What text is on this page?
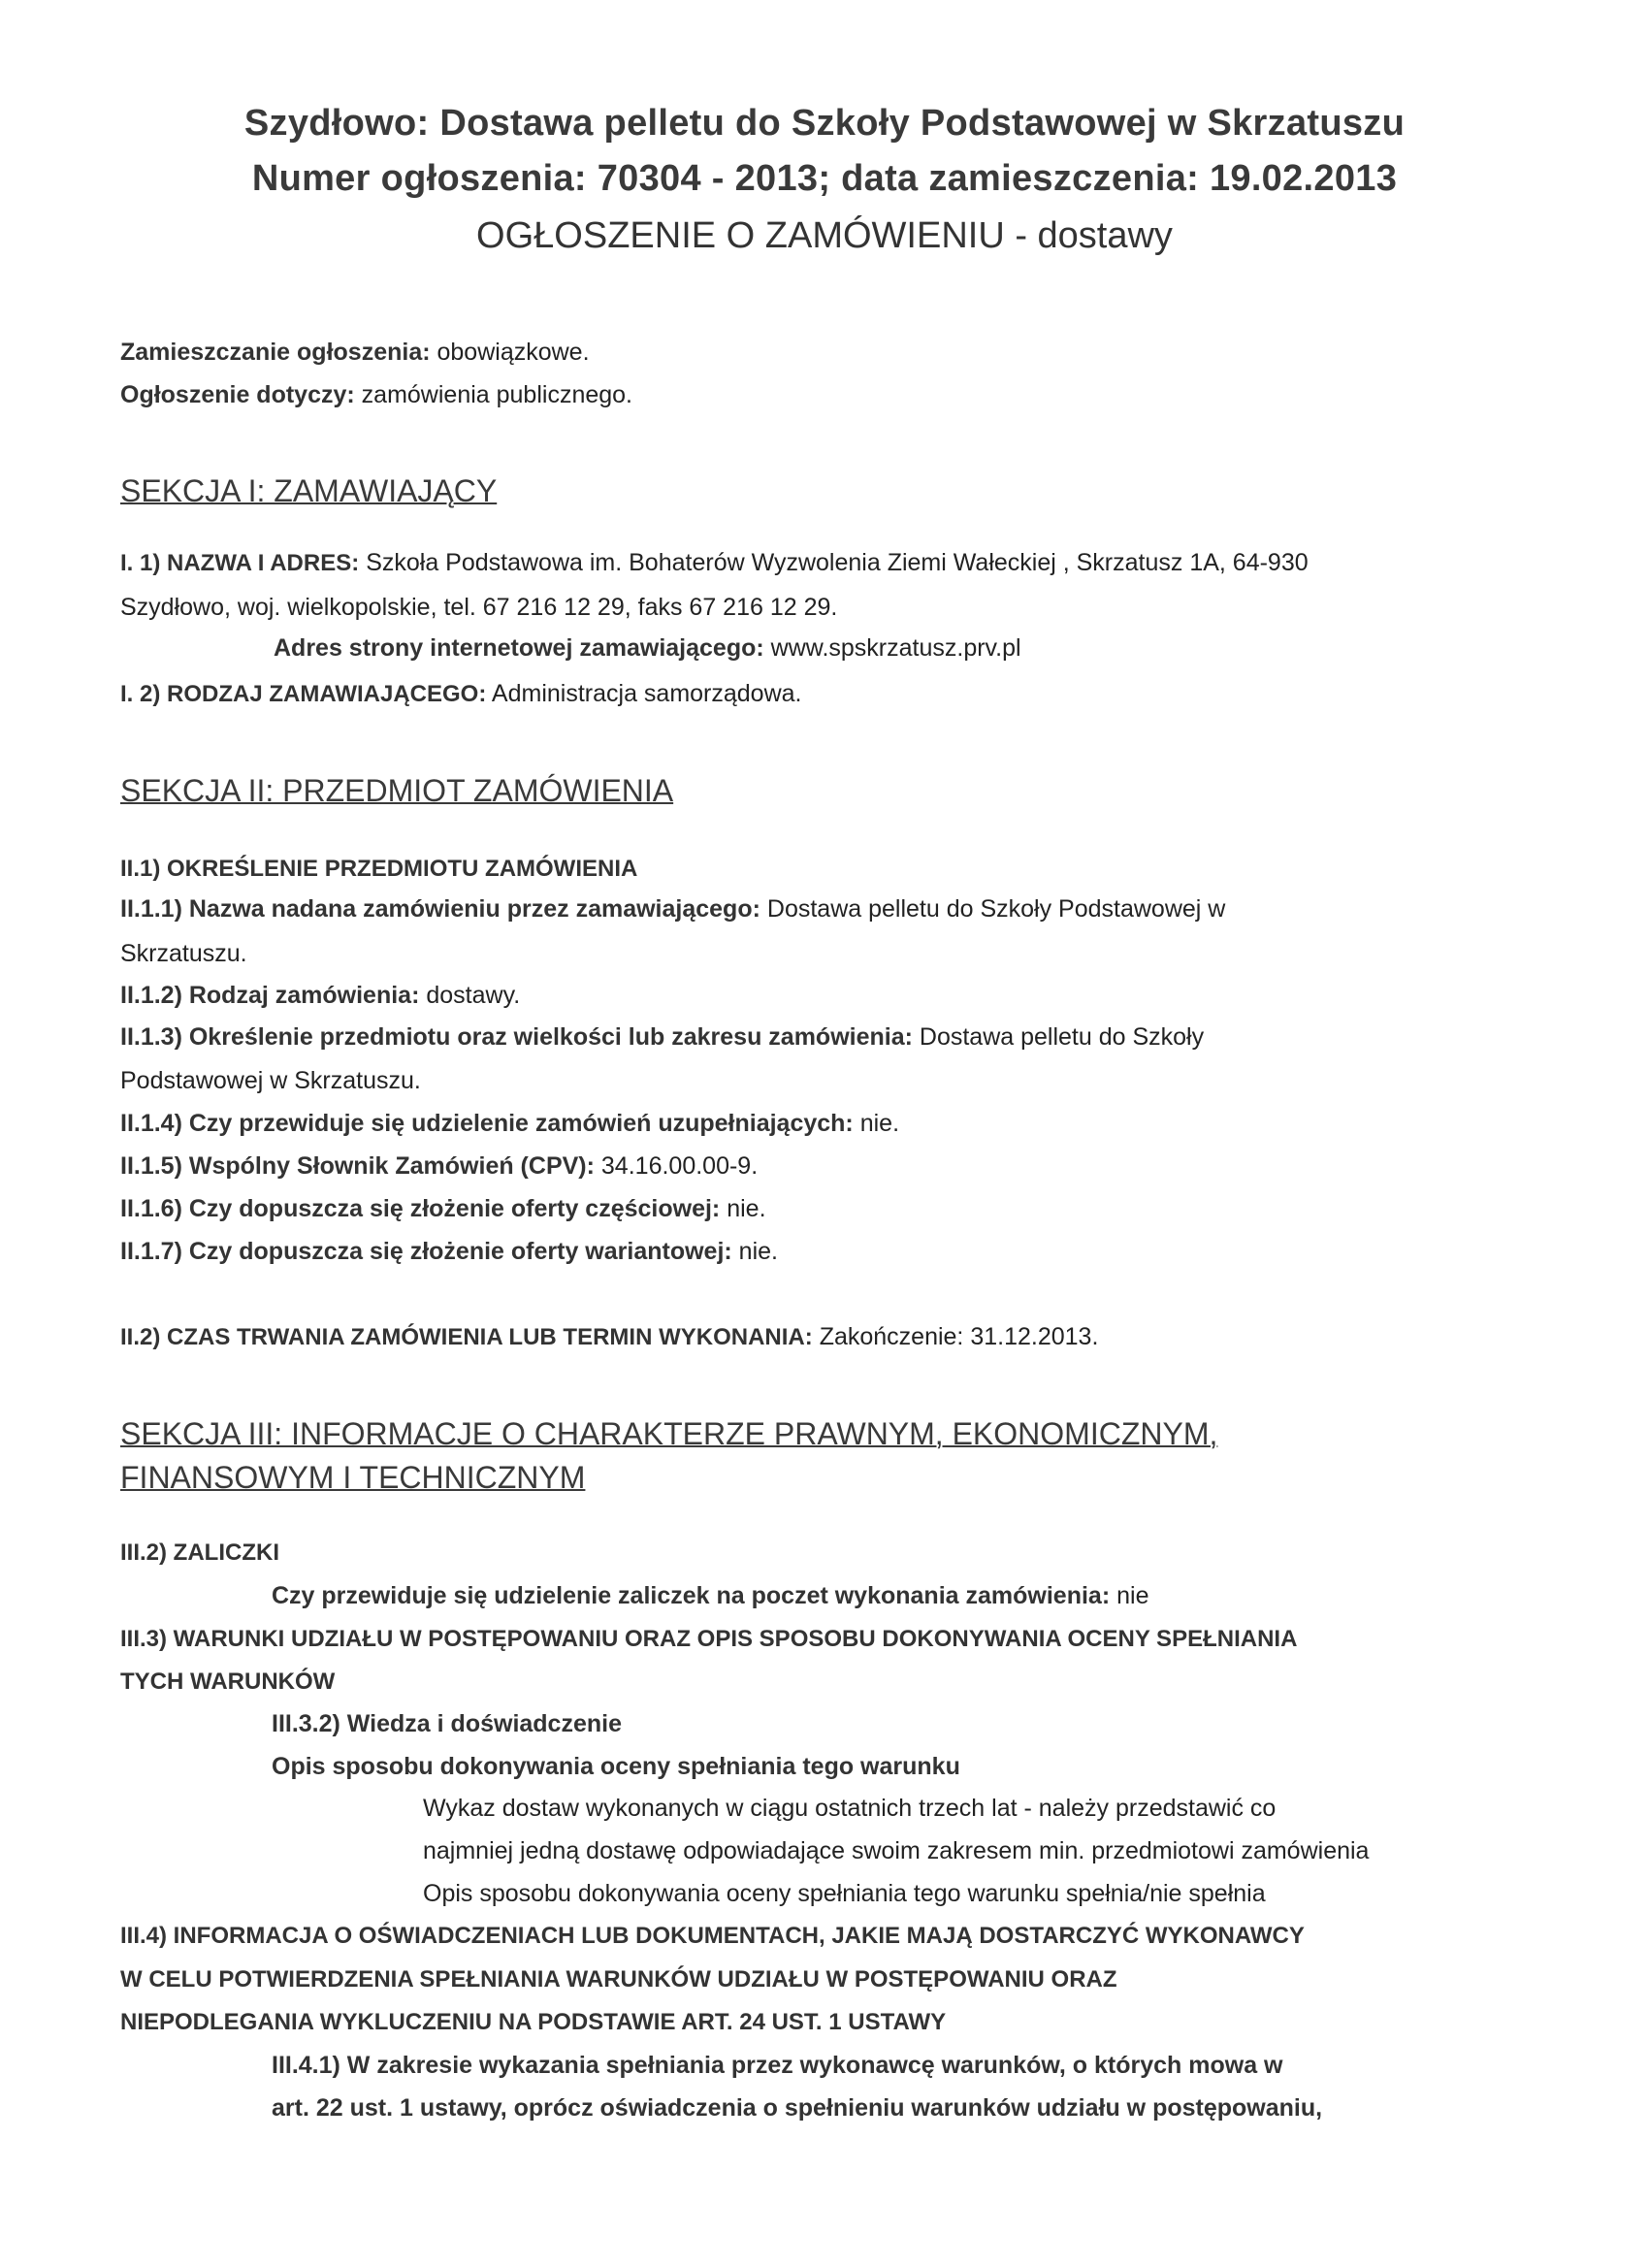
Szydłowo: Dostawa pelletu do Szkoły Podstawowej w Skrzatuszu
Numer ogłoszenia: 70304 - 2013; data zamieszczenia: 19.02.2013
OGŁOSZENIE O ZAMÓWIENIU - dostawy
Zamieszczanie ogłoszenia: obowiązkowe.
Ogłoszenie dotyczy: zamówienia publicznego.
SEKCJA I: ZAMAWIAJĄCY
I. 1) NAZWA I ADRES: Szkoła Podstawowa im. Bohaterów Wyzwolenia Ziemi Wałeckiej , Skrzatusz 1A, 64-930
Szydłowo, woj. wielkopolskie, tel. 67 216 12 29, faks 67 216 12 29.
Adres strony internetowej zamawiającego: www.spskrzatusz.prv.pl
I. 2) RODZAJ ZAMAWIAJĄCEGO: Administracja samorządowa.
SEKCJA II: PRZEDMIOT ZAMÓWIENIA
II.1) OKREŚLENIE PRZEDMIOTU ZAMÓWIENIA
II.1.1) Nazwa nadana zamówieniu przez zamawiającego: Dostawa pelletu do Szkoły Podstawowej w
Skrzatuszu.
II.1.2) Rodzaj zamówienia: dostawy.
II.1.3) Określenie przedmiotu oraz wielkości lub zakresu zamówienia: Dostawa pelletu do Szkoły
Podstawowej w Skrzatuszu.
II.1.4) Czy przewiduje się udzielenie zamówień uzupełniających: nie.
II.1.5) Wspólny Słownik Zamówień (CPV): 34.16.00.00-9.
II.1.6) Czy dopuszcza się złożenie oferty częściowej: nie.
II.1.7) Czy dopuszcza się złożenie oferty wariantowej: nie.
II.2) CZAS TRWANIA ZAMÓWIENIA LUB TERMIN WYKONANIA: Zakończenie: 31.12.2013.
SEKCJA III: INFORMACJE O CHARAKTERZE PRAWNYM, EKONOMICZNYM,
FINANSOWYM I TECHNICZNYM
III.2) ZALICZKI
Czy przewiduje się udzielenie zaliczek na poczet wykonania zamówienia: nie
III.3) WARUNKI UDZIAŁU W POSTĘPOWANIU ORAZ OPIS SPOSOBU DOKONYWANIA OCENY SPEŁNIANIA
TYCH WARUNKÓW
III.3.2) Wiedza i doświadczenie
Opis sposobu dokonywania oceny spełniania tego warunku
Wykaz dostaw wykonanych w ciągu ostatnich trzech lat - należy przedstawić co
najmniej jedną dostawę odpowiadające swoim zakresem min. przedmiotowi zamówienia
Opis sposobu dokonywania oceny spełniania tego warunku spełnia/nie spełnia
III.4) INFORMACJA O OŚWIADCZENIACH LUB DOKUMENTACH, JAKIE MAJĄ DOSTARCZYĆ WYKONAWCY
W CELU POTWIERDZENIA SPEŁNIANIA WARUNKÓW UDZIAŁU W POSTĘPOWANIU ORAZ
NIEPODLEGANIA WYKLUCZENIU NA PODSTAWIE ART. 24 UST. 1 USTAWY
III.4.1) W zakresie wykazania spełniania przez wykonawcę warunków, o których mowa w
art. 22 ust. 1 ustawy, oprócz oświadczenia o spełnieniu warunków udziału w postępowaniu,
